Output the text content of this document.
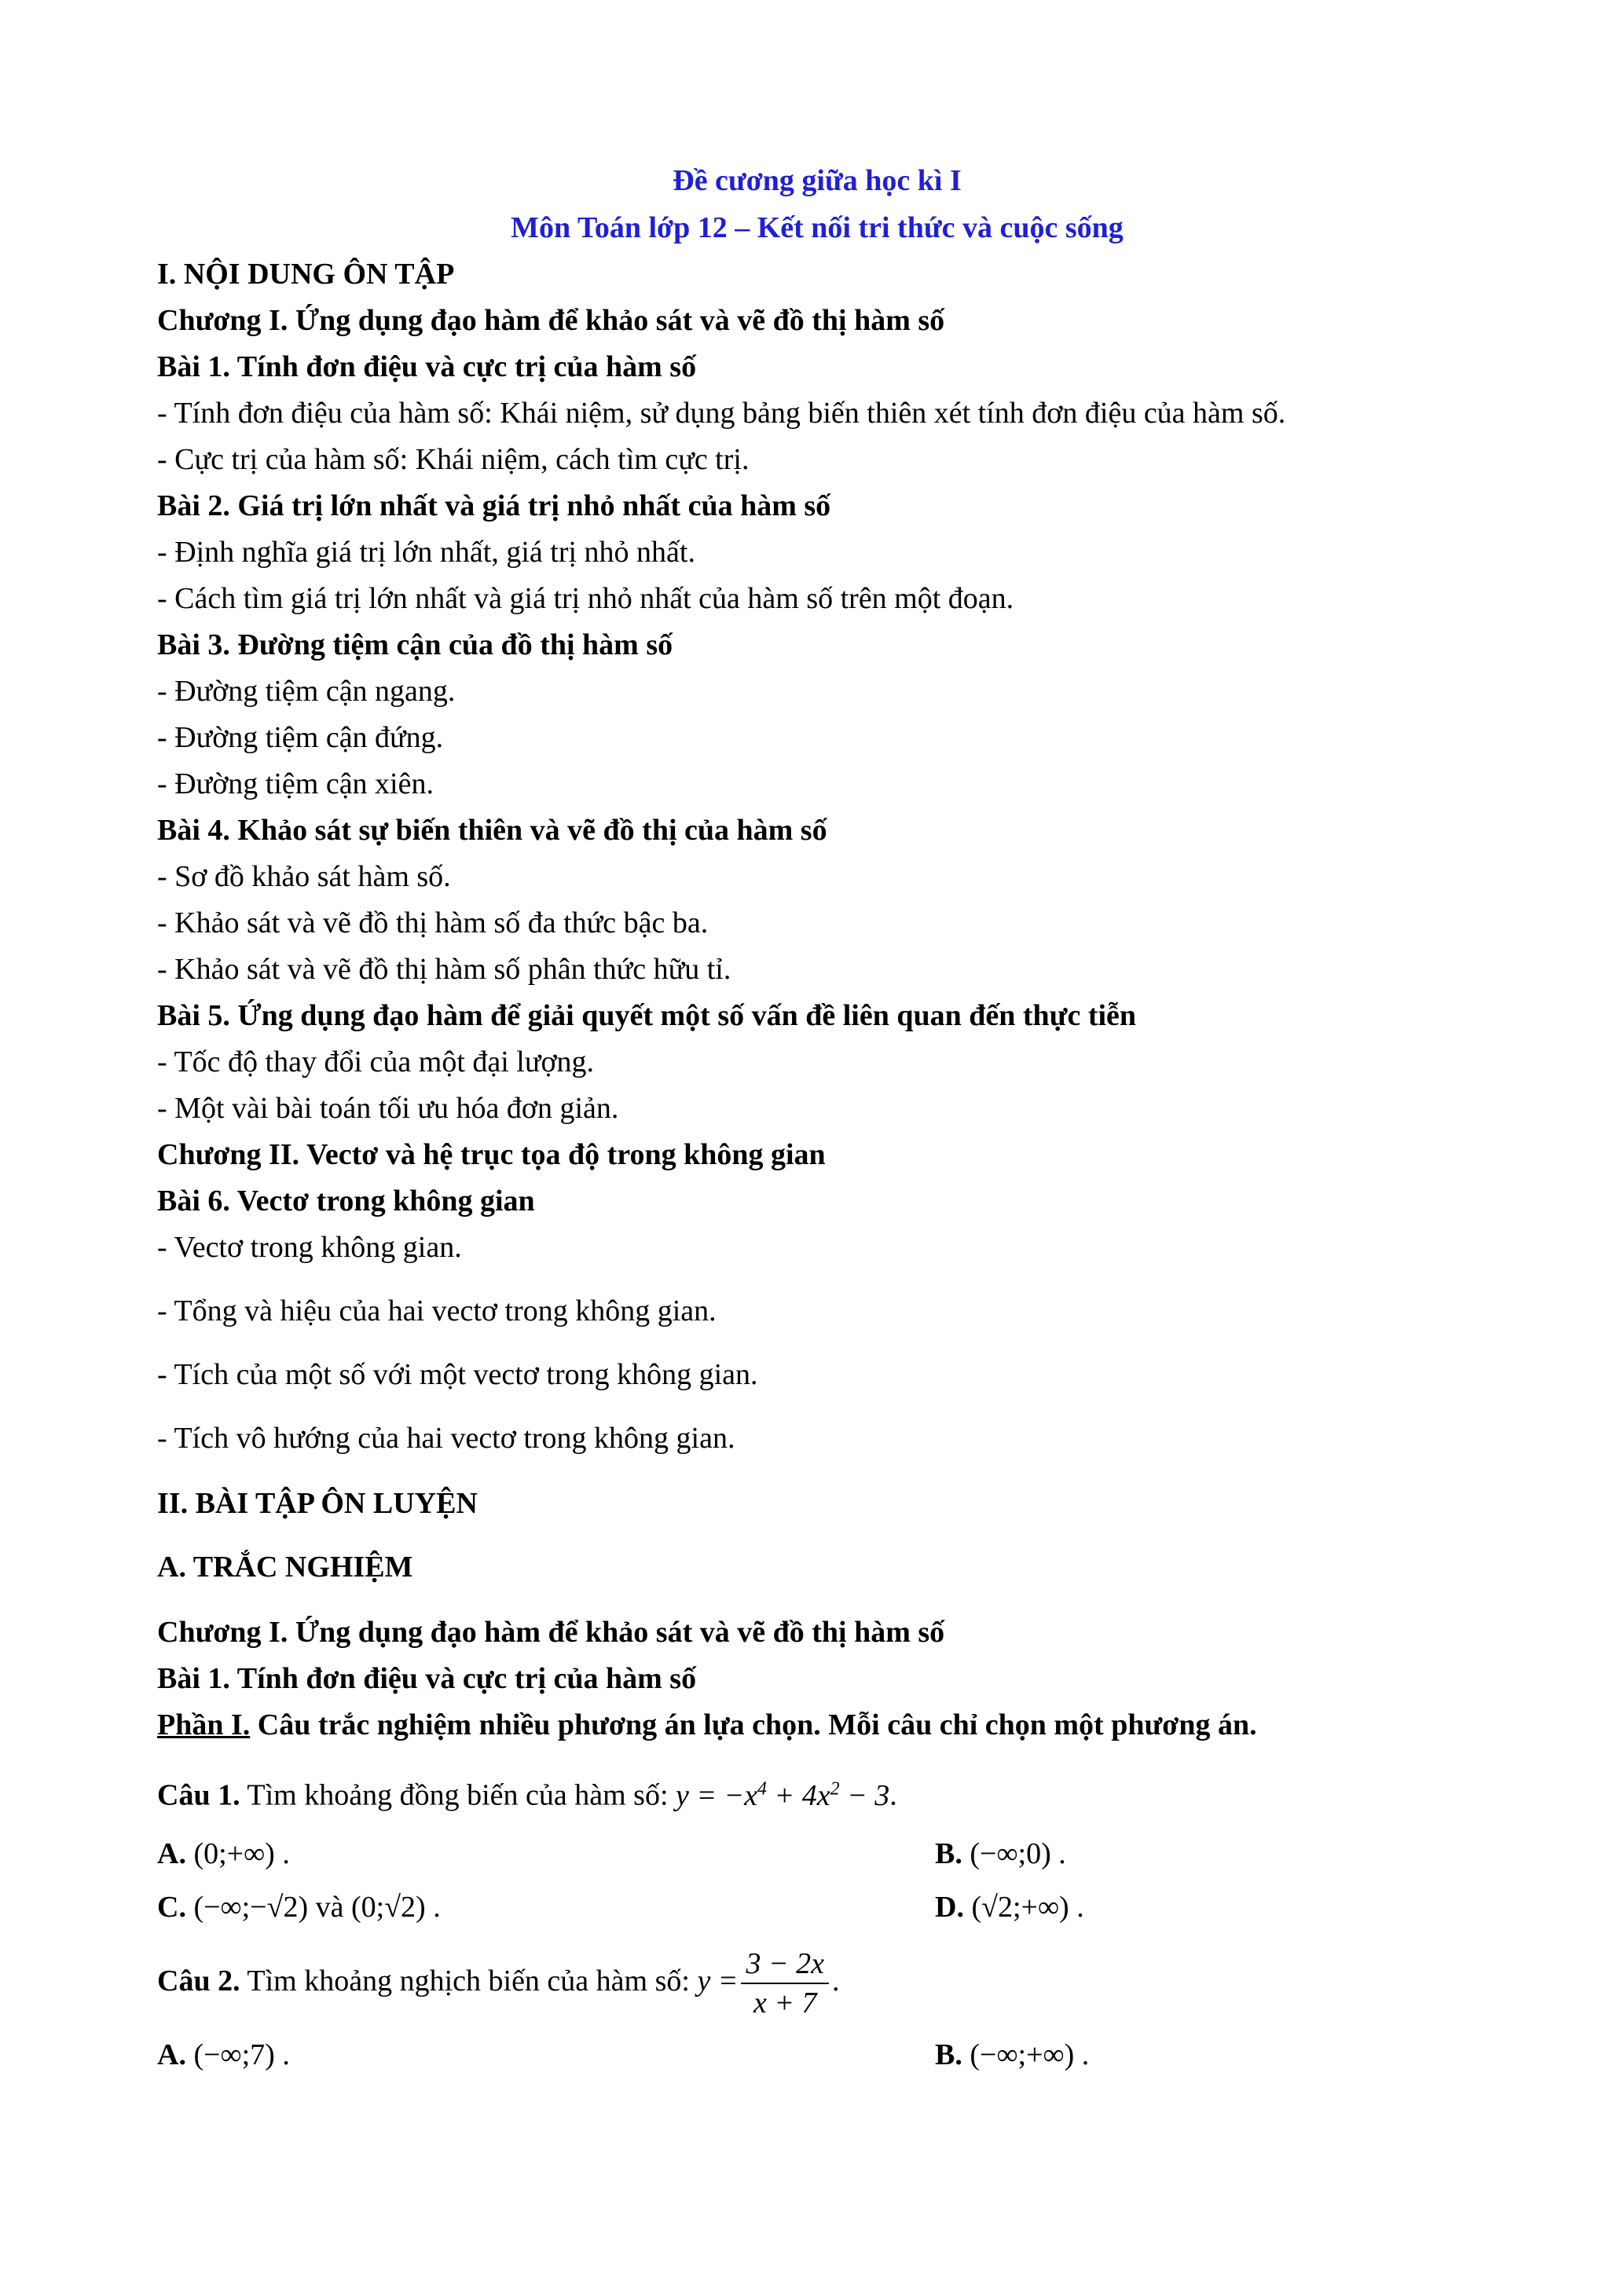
Đề cương giữa học kì I
Môn Toán lớp 12 – Kết nối tri thức và cuộc sống
I. NỘI DUNG ÔN TẬP
Chương I. Ứng dụng đạo hàm để khảo sát và vẽ đồ thị hàm số
Bài 1. Tính đơn điệu và cực trị của hàm số
- Tính đơn điệu của hàm số: Khái niệm, sử dụng bảng biến thiên xét tính đơn điệu của hàm số.
- Cực trị của hàm số: Khái niệm, cách tìm cực trị.
Bài 2. Giá trị lớn nhất và giá trị nhỏ nhất của hàm số
- Định nghĩa giá trị lớn nhất, giá trị nhỏ nhất.
- Cách tìm giá trị lớn nhất và giá trị nhỏ nhất của hàm số trên một đoạn.
Bài 3. Đường tiệm cận của đồ thị hàm số
- Đường tiệm cận ngang.
- Đường tiệm cận đứng.
- Đường tiệm cận xiên.
Bài 4. Khảo sát sự biến thiên và vẽ đồ thị của hàm số
- Sơ đồ khảo sát hàm số.
- Khảo sát và vẽ đồ thị hàm số đa thức bậc ba.
- Khảo sát và vẽ đồ thị hàm số phân thức hữu tỉ.
Bài 5. Ứng dụng đạo hàm để giải quyết một số vấn đề liên quan đến thực tiễn
- Tốc độ thay đổi của một đại lượng.
- Một vài bài toán tối ưu hóa đơn giản.
Chương II. Vectơ và hệ trục tọa độ trong không gian
Bài 6. Vectơ trong không gian
- Vectơ trong không gian.
- Tổng và hiệu của hai vectơ trong không gian.
- Tích của một số với một vectơ trong không gian.
- Tích vô hướng của hai vectơ trong không gian.
II. BÀI TẬP ÔN LUYỆN
A. TRẮC NGHIỆM
Chương I. Ứng dụng đạo hàm để khảo sát và vẽ đồ thị hàm số
Bài 1. Tính đơn điệu và cực trị của hàm số
Phần I. Câu trắc nghiệm nhiều phương án lựa chọn. Mỗi câu chỉ chọn một phương án.
Câu 1. Tìm khoảng đồng biến của hàm số: $y = -x^4 + 4x^2 - 3$.
A. (0;+∞) .	B. (−∞;0) .
C. (−∞;−√2) và (0;√2) .	D. (√2;+∞) .
Câu 2. Tìm khoảng nghịch biến của hàm số: $y = \frac{3 - 2x}{x + 7}$ .
A. (−∞;7) .	B. (−∞;+∞) .
